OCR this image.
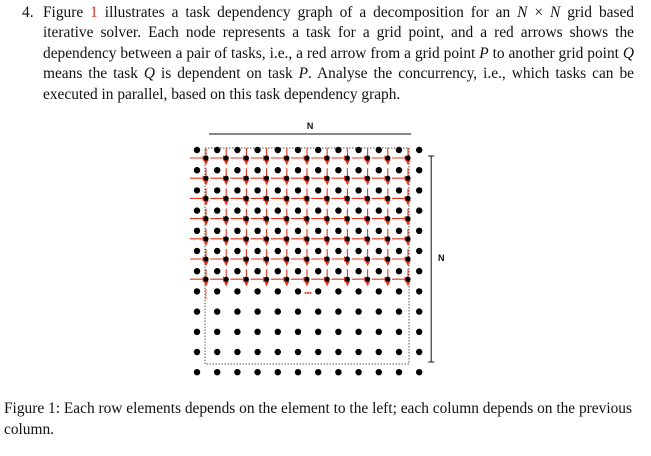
4. Figure 1 illustrates a task dependency graph of a decomposition for an N × N grid based iterative solver. Each node represents a task for a grid point, and a red arrows shows the dependency between a pair of tasks, i.e., a red arrow from a grid point P to another grid point Q means the task Q is dependent on task P. Analyse the concurrency, i.e., which tasks can be executed in parallel, based on this task dependency graph.
N
N
•••
Figure 1: Each row elements depends on the element to the left; each column depends on the previous column.
